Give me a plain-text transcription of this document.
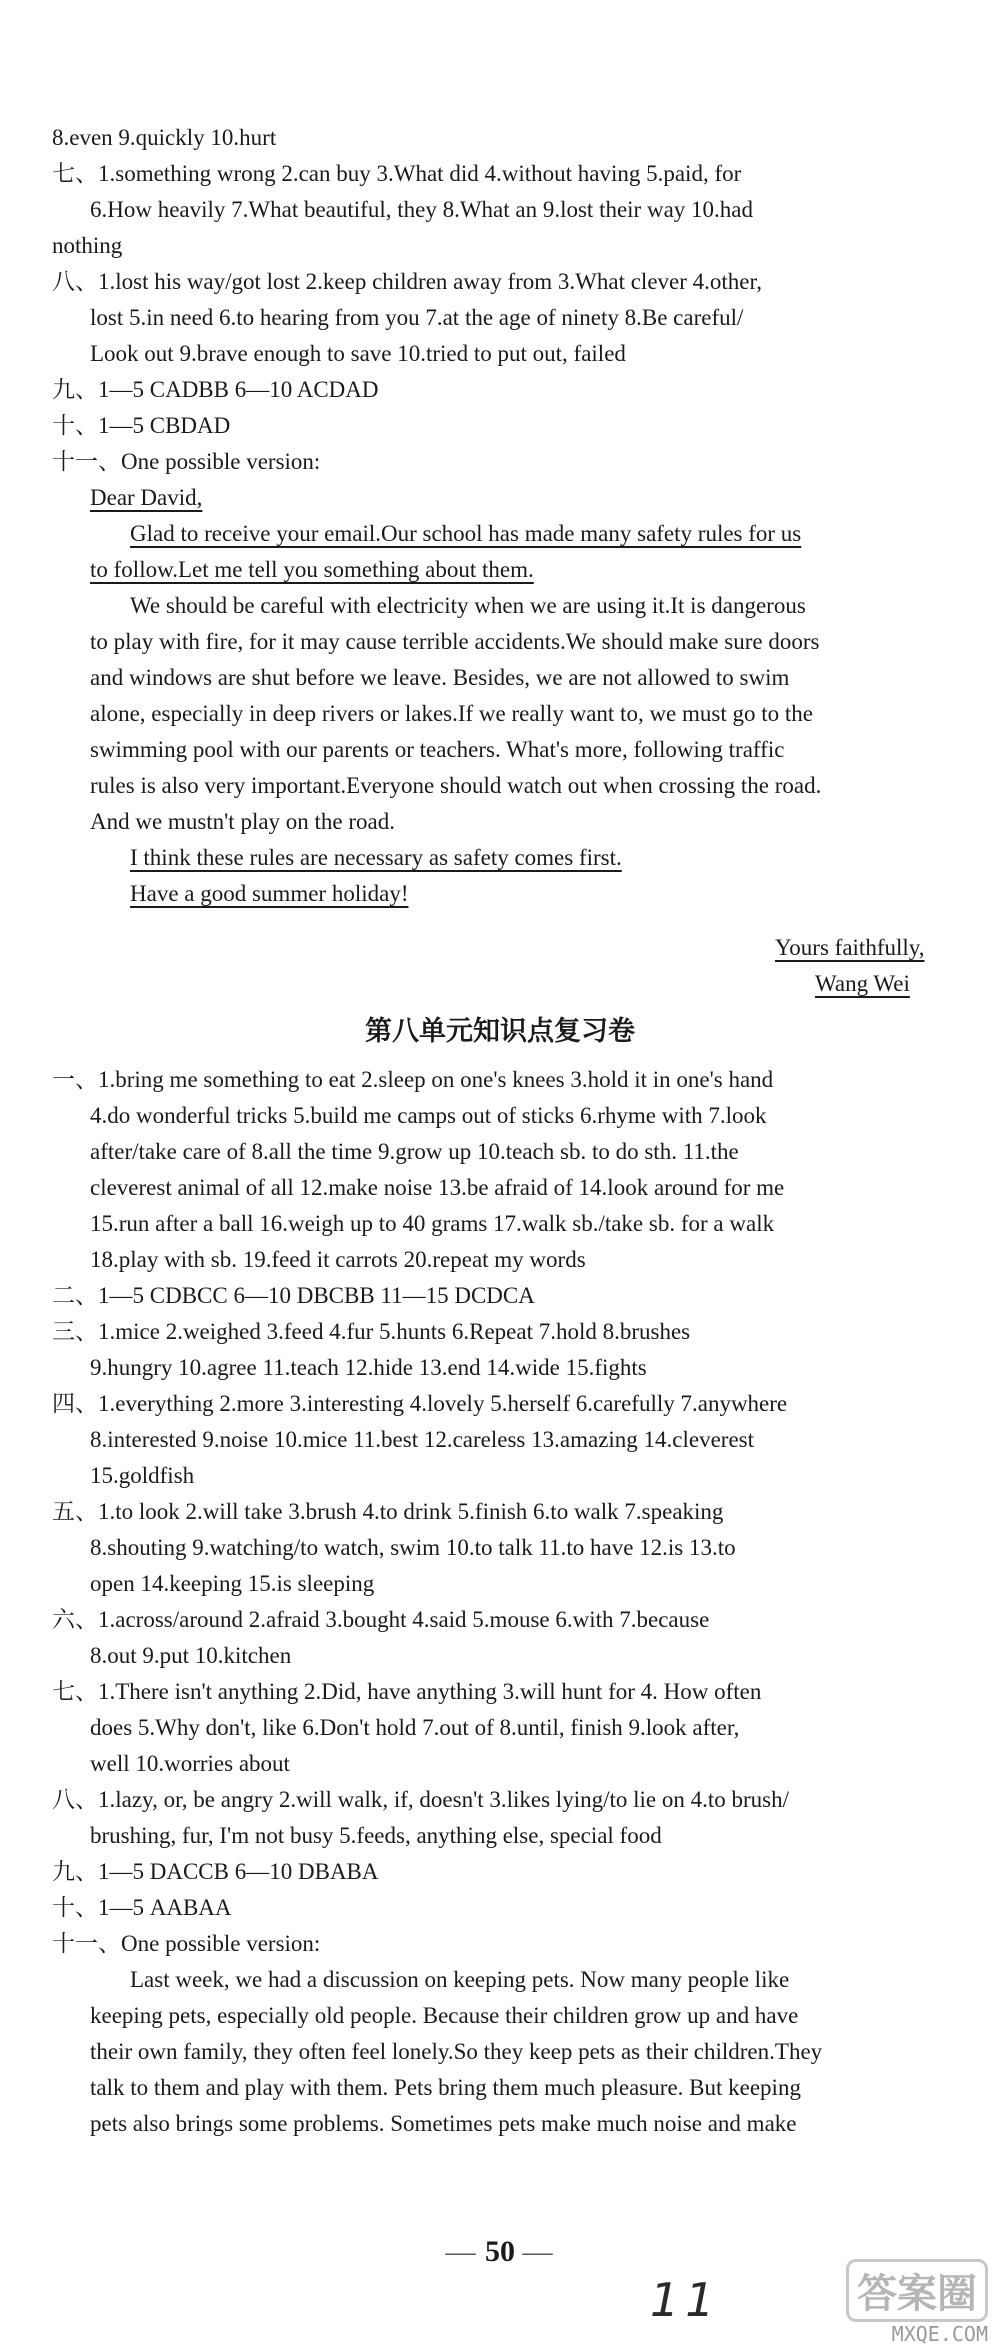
8.even 9.quickly 10.hurt
七、1.something wrong 2.can buy 3.What did 4.without having 5.paid, for
6.How heavily 7.What beautiful, they 8.What an 9.lost their way 10.had
nothing
八、1.lost his way/got lost 2.keep children away from 3.What clever 4.other,
lost 5.in need 6.to hearing from you 7.at the age of ninety 8.Be careful/
Look out 9.brave enough to save 10.tried to put out, failed
九、1—5 CADBB 6—10 ACDAD
十、1—5 CBDAD
十一、One possible version:
Dear David,
Glad to receive your email.Our school has made many safety rules for us
to follow.Let me tell you something about them.
We should be careful with electricity when we are using it.It is dangerous
to play with fire, for it may cause terrible accidents.We should make sure doors
and windows are shut before we leave. Besides, we are not allowed to swim
alone, especially in deep rivers or lakes.If we really want to, we must go to the
swimming pool with our parents or teachers. What's more, following traffic
rules is also very important.Everyone should watch out when crossing the road.
And we mustn't play on the road.
I think these rules are necessary as safety comes first.
Have a good summer holiday!
Yours faithfully,
Wang Wei
一、1.bring me something to eat 2.sleep on one's knees 3.hold it in one's hand
4.do wonderful tricks 5.build me camps out of sticks 6.rhyme with 7.look
after/take care of 8.all the time 9.grow up 10.teach sb. to do sth. 11.the
cleverest animal of all 12.make noise 13.be afraid of 14.look around for me
15.run after a ball 16.weigh up to 40 grams 17.walk sb./take sb. for a walk
18.play with sb. 19.feed it carrots 20.repeat my words
二、1—5 CDBCC 6—10 DBCBB 11—15 DCDCA
三、1.mice 2.weighed 3.feed 4.fur 5.hunts 6.Repeat 7.hold 8.brushes
9.hungry 10.agree 11.teach 12.hide 13.end 14.wide 15.fights
四、1.everything 2.more 3.interesting 4.lovely 5.herself 6.carefully 7.anywhere
8.interested 9.noise 10.mice 11.best 12.careless 13.amazing 14.cleverest
15.goldfish
五、1.to look 2.will take 3.brush 4.to drink 5.finish 6.to walk 7.speaking
8.shouting 9.watching/to watch, swim 10.to talk 11.to have 12.is 13.to
open 14.keeping 15.is sleeping
六、1.across/around 2.afraid 3.bought 4.said 5.mouse 6.with 7.because
8.out 9.put 10.kitchen
七、1.There isn't anything 2.Did, have anything 3.will hunt for 4. How often
does 5.Why don't, like 6.Don't hold 7.out of 8.until, finish 9.look after,
well 10.worries about
八、1.lazy, or, be angry 2.will walk, if, doesn't 3.likes lying/to lie on 4.to brush/
brushing, fur, I'm not busy 5.feeds, anything else, special food
九、1—5 DACCB 6—10 DBABA
十、1—5 AABAA
十一、One possible version:
Last week, we had a discussion on keeping pets. Now many people like
keeping pets, especially old people. Because their children grow up and have
their own family, they often feel lonely.So they keep pets as their children.They
talk to them and play with them. Pets bring them much pleasure. But keeping
pets also brings some problems. Sometimes pets make much noise and make
第八单元知识点复习卷
— 50 —
11	答案圈
MXQE.COM
